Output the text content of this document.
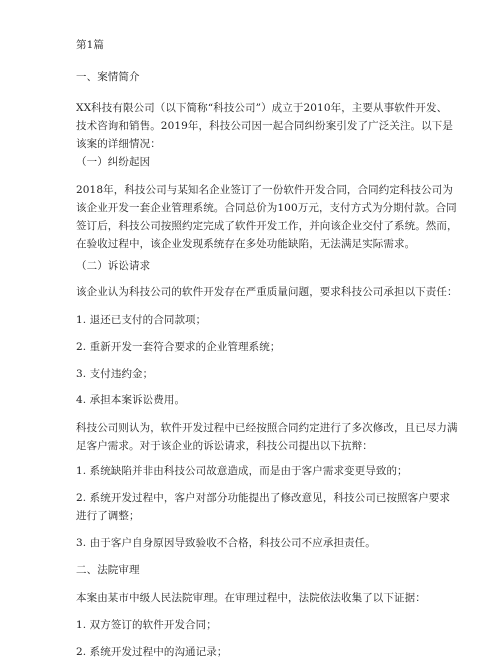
第1篇
一、案情简介
XX科技有限公司（以下简称“科技公司”）成立于2010年，主要从事软件开发、
技术咨询和销售。2019年，科技公司因一起合同纠纷案引发了广泛关注。以下是
该案的详细情况：
（一）纠纷起因
2018年，科技公司与某知名企业签订了一份软件开发合同，合同约定科技公司为
该企业开发一套企业管理系统。合同总价为100万元，支付方式为分期付款。合同
签订后，科技公司按照约定完成了软件开发工作，并向该企业交付了系统。然而，
在验收过程中，该企业发现系统存在多处功能缺陷，无法满足实际需求。
（二）诉讼请求
该企业认为科技公司的软件开发存在严重质量问题，要求科技公司承担以下责任：
1. 退还已支付的合同款项；
2. 重新开发一套符合要求的企业管理系统；
3. 支付违约金；
4. 承担本案诉讼费用。
科技公司则认为，软件开发过程中已经按照合同约定进行了多次修改，且已尽力满
足客户需求。对于该企业的诉讼请求，科技公司提出以下抗辩：
1. 系统缺陷并非由科技公司故意造成，而是由于客户需求变更导致的；
2. 系统开发过程中，客户对部分功能提出了修改意见，科技公司已按照客户要求
进行了调整；
3. 由于客户自身原因导致验收不合格，科技公司不应承担责任。
二、法院审理
本案由某市中级人民法院审理。在审理过程中，法院依法收集了以下证据：
1. 双方签订的软件开发合同；
2. 系统开发过程中的沟通记录；
